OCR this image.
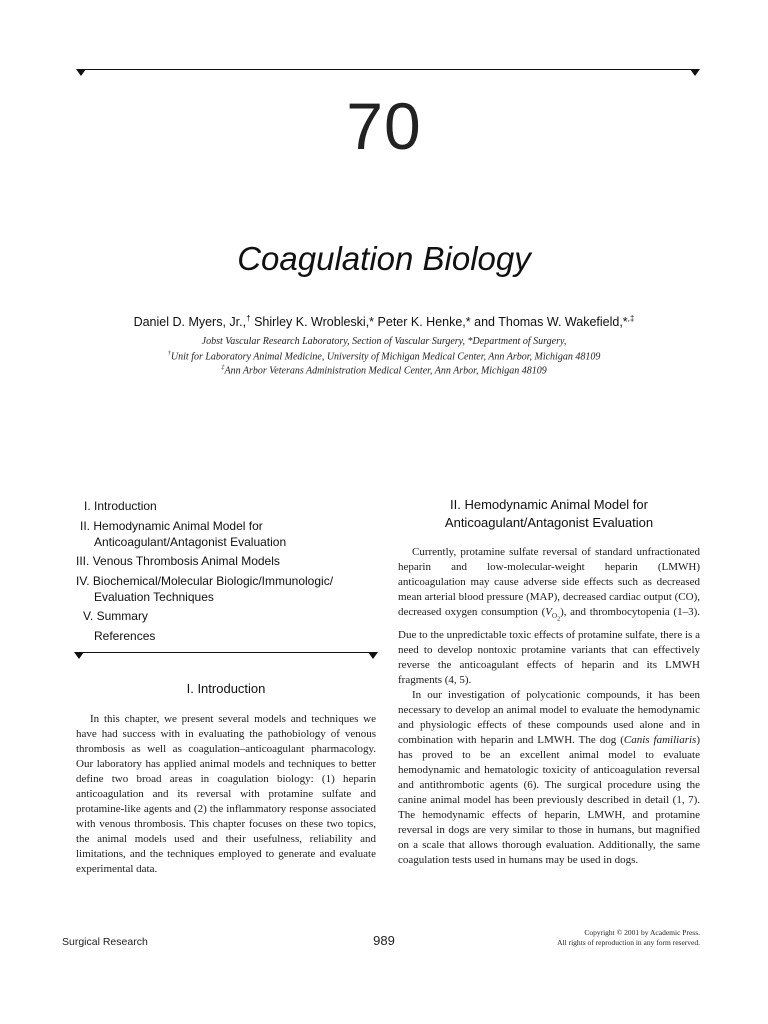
70
Coagulation Biology
Daniel D. Myers, Jr.,† Shirley K. Wrobleski,* Peter K. Henke,* and Thomas W. Wakefield,*,‡
Jobst Vascular Research Laboratory, Section of Vascular Surgery, *Department of Surgery,
†Unit for Laboratory Animal Medicine, University of Michigan Medical Center, Ann Arbor, Michigan 48109
‡Ann Arbor Veterans Administration Medical Center, Ann Arbor, Michigan 48109
I.
Introduction
II. Hemodynamic Animal Model for
Anticoagulant/Antagonist Evaluation
III.
Venous Thrombosis Animal Models
IV. Biochemical/Molecular Biologic/Immunologic/
Evaluation Techniques
V.
Summary
References
I. Introduction

In this chapter, we present several models and techniques we have had success with in evaluating the pathobiology of venous thrombosis as well as coagulation–anticoagulant pharmacology. Our laboratory has applied animal models and techniques to better define two broad areas in coagulation biology: (1) heparin anticoagulation and its reversal with protamine sulfate and protamine-like agents and (2) the inflammatory response associated with venous thrombosis. This chapter focuses on these two topics, the animal models used and their usefulness, reliability and limitations, and the techniques employed to generate and evaluate experimental data.

II. Hemodynamic Animal Model for
Anticoagulant/Antagonist Evaluation

Currently, protamine sulfate reversal of standard unfractionated heparin and low-molecular-weight heparin (LMWH) anticoagulation may cause adverse side effects such as decreased mean arterial blood pressure (MAP), decreased cardiac output (CO), decreased oxygen consumption $(V_{O_2})$, and thrombocytopenia (1–3). Due to the unpredictable toxic effects of protamine sulfate, there is a need to develop nontoxic protamine variants that can effectively reverse the anticoagulant effects of heparin and its LMWH fragments (4, 5).

In our investigation of polycationic compounds, it has been necessary to develop an animal model to evaluate the hemodynamic and physiologic effects of these compounds used alone and in combination with heparin and LMWH. The dog (Canis familiaris) has proved to be an excellent animal model to evaluate hemodynamic and hematologic toxicity of anticoagulation reversal and antithrombotic agents (6). The surgical procedure using the canine animal model has been previously described in detail (1, 7). The hemodynamic effects of heparin, LMWH, and protamine reversal in dogs are very similar to those in humans, but magnified on a scale that allows thorough evaluation. Additionally, the same coagulation tests used in humans may be used in dogs.

Surgical Research	989
Copyright © 2001 by Academic Press.
All rights of reproduction in any form reserved.
